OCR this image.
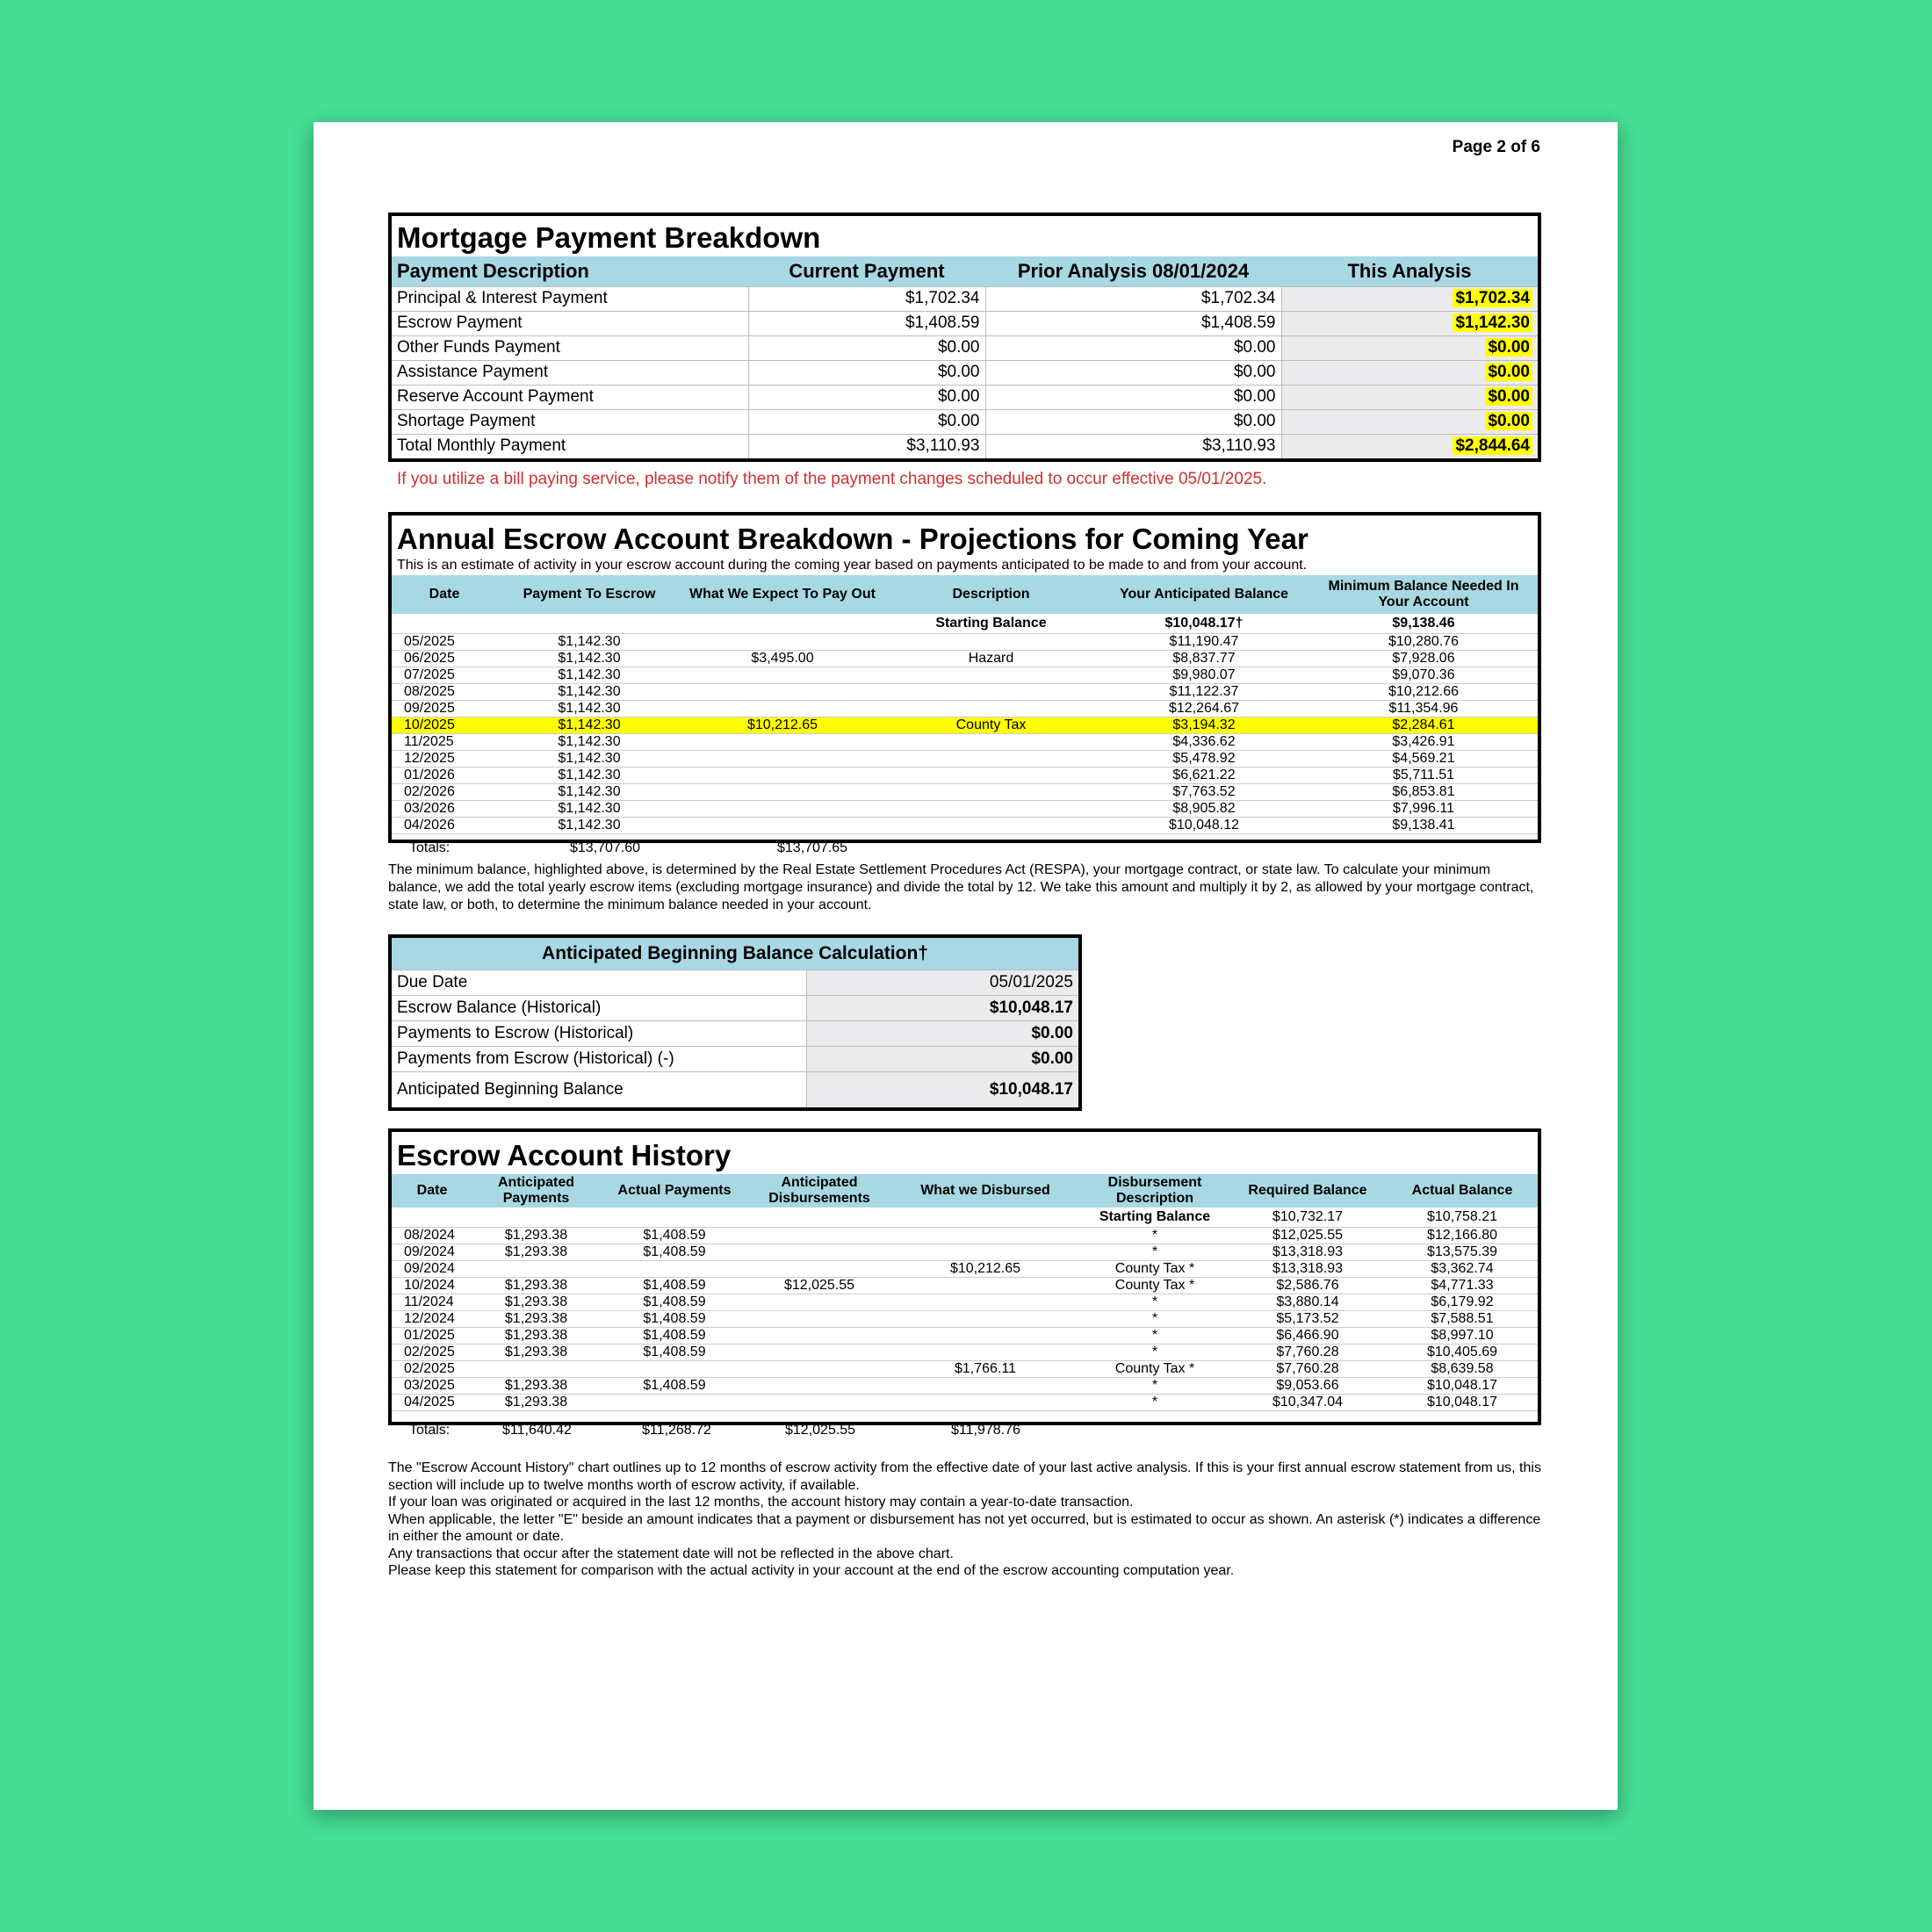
Page 2 of 6
Mortgage Payment Breakdown
Payment Description	Current Payment	Prior Analysis 08/01/2024	This Analysis
Principal & Interest Payment	$1,702.34	$1,702.34	$1,702.34
Escrow Payment	$1,408.59	$1,408.59	$1,142.30
Other Funds Payment	$0.00	$0.00	$0.00
Assistance Payment	$0.00	$0.00	$0.00
Reserve Account Payment	$0.00	$0.00	$0.00
Shortage Payment	$0.00	$0.00	$0.00
Total Monthly Payment	$3,110.93	$3,110.93	$2,844.64
If you utilize a bill paying service, please notify them of the payment changes scheduled to occur effective 05/01/2025.
Annual Escrow Account Breakdown - Projections for Coming Year
This is an estimate of activity in your escrow account during the coming year based on payments anticipated to be made to and from your account.
Date	Payment To Escrow	What We Expect To Pay Out	Description	Your Anticipated Balance	Minimum Balance Needed In Your Account
			Starting Balance	$10,048.17†	$9,138.46
05/2025	$1,142.30			$11,190.47	$10,280.76
06/2025	$1,142.30	$3,495.00	Hazard	$8,837.77	$7,928.06
07/2025	$1,142.30			$9,980.07	$9,070.36
08/2025	$1,142.30			$11,122.37	$10,212.66
09/2025	$1,142.30			$12,264.67	$11,354.96
10/2025	$1,142.30	$10,212.65	County Tax	$3,194.32	$2,284.61
11/2025	$1,142.30			$4,336.62	$3,426.91
12/2025	$1,142.30			$5,478.92	$4,569.21
01/2026	$1,142.30			$6,621.22	$5,711.51
02/2026	$1,142.30			$7,763.52	$6,853.81
03/2026	$1,142.30			$8,905.82	$7,996.11
04/2026	$1,142.30			$10,048.12	$9,138.41
Totals:	$13,707.60	$13,707.65
The minimum balance, highlighted above, is determined by the Real Estate Settlement Procedures Act (RESPA), your mortgage contract, or state law. To calculate your minimum balance, we add the total yearly escrow items (excluding mortgage insurance) and divide the total by 12. We take this amount and multiply it by 2, as allowed by your mortgage contract, state law, or both, to determine the minimum balance needed in your account.
Anticipated Beginning Balance Calculation†	
Due Date	05/01/2025
Escrow Balance (Historical)	$10,048.17
Payments to Escrow (Historical)	$0.00
Payments from Escrow (Historical) (-)	$0.00
Anticipated Beginning Balance	$10,048.17
Escrow Account History
Date	Anticipated Payments	Actual Payments	Anticipated Disbursements	What we Disbursed	Disbursement Description	Required Balance	Actual Balance
					Starting Balance	$10,732.17	$10,758.21
08/2024	$1,293.38	$1,408.59			*	$12,025.55	$12,166.80
09/2024	$1,293.38	$1,408.59			*	$13,318.93	$13,575.39
09/2024				$10,212.65	County Tax *	$13,318.93	$3,362.74
10/2024	$1,293.38	$1,408.59	$12,025.55		County Tax *	$2,586.76	$4,771.33
11/2024	$1,293.38	$1,408.59			*	$3,880.14	$6,179.92
12/2024	$1,293.38	$1,408.59			*	$5,173.52	$7,588.51
01/2025	$1,293.38	$1,408.59			*	$6,466.90	$8,997.10
02/2025	$1,293.38	$1,408.59			*	$7,760.28	$10,405.69
02/2025				$1,766.11	County Tax *	$7,760.28	$8,639.58
03/2025	$1,293.38	$1,408.59			*	$9,053.66	$10,048.17
04/2025	$1,293.38				*	$10,347.04	$10,048.17
Totals:	$11,640.42	$11,268.72	$12,025.55	$11,978.76
The "Escrow Account History" chart outlines up to 12 months of escrow activity from the effective date of your last active analysis. If this is your first annual escrow statement from us, this section will include up to twelve months worth of escrow activity, if available.
If your loan was originated or acquired in the last 12 months, the account history may contain a year-to-date transaction.
When applicable, the letter "E" beside an amount indicates that a payment or disbursement has not yet occurred, but is estimated to occur as shown. An asterisk (*) indicates a difference in either the amount or date.
Any transactions that occur after the statement date will not be reflected in the above chart.
Please keep this statement for comparison with the actual activity in your account at the end of the escrow accounting computation year.
